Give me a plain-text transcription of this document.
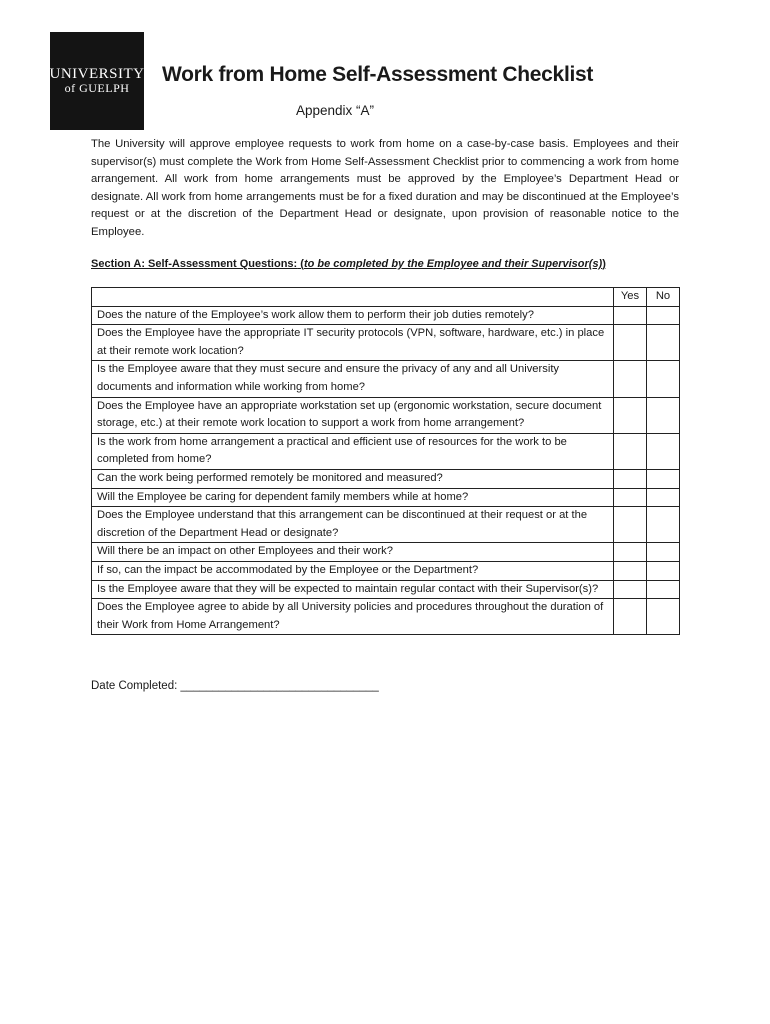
UNIVERSITY
of GUELPH
Work from Home Self-Assessment Checklist
Appendix “A”
The University will approve employee requests to work from home on a case-by-case basis. Employees and their supervisor(s) must complete the Work from Home Self-Assessment Checklist prior to commencing a work from home arrangement. All work from home arrangements must be approved by the Employee’s Department Head or designate. All work from home arrangements must be for a fixed duration and may be discontinued at the Employee’s request or at the discretion of the Department Head or designate, upon provision of reasonable notice to the Employee.
Section A: Self-Assessment Questions: (to be completed by the Employee and their Supervisor(s))
	Yes	No
Does the nature of the Employee’s work allow them to perform their job duties remotely?		
Does the Employee have the appropriate IT security protocols (VPN, software, hardware, etc.) in place at their remote work location?		
Is the Employee aware that they must secure and ensure the privacy of any and all University documents and information while working from home?		
Does the Employee have an appropriate workstation set up (ergonomic workstation, secure document storage, etc.) at their remote work location to support a work from home arrangement?		
Is the work from home arrangement a practical and efficient use of resources for the work to be completed from home?		
Can the work being performed remotely be monitored and measured?		
Will the Employee be caring for dependent family members while at home?		
Does the Employee understand that this arrangement can be discontinued at their request or at the discretion of the Department Head or designate?		
Will there be an impact on other Employees and their work?		
If so, can the impact be accommodated by the Employee or the Department?		
Is the Employee aware that they will be expected to maintain regular contact with their Supervisor(s)?		
Does the Employee agree to abide by all University policies and procedures throughout the duration of their Work from Home Arrangement?		
Date Completed: _______________________________
